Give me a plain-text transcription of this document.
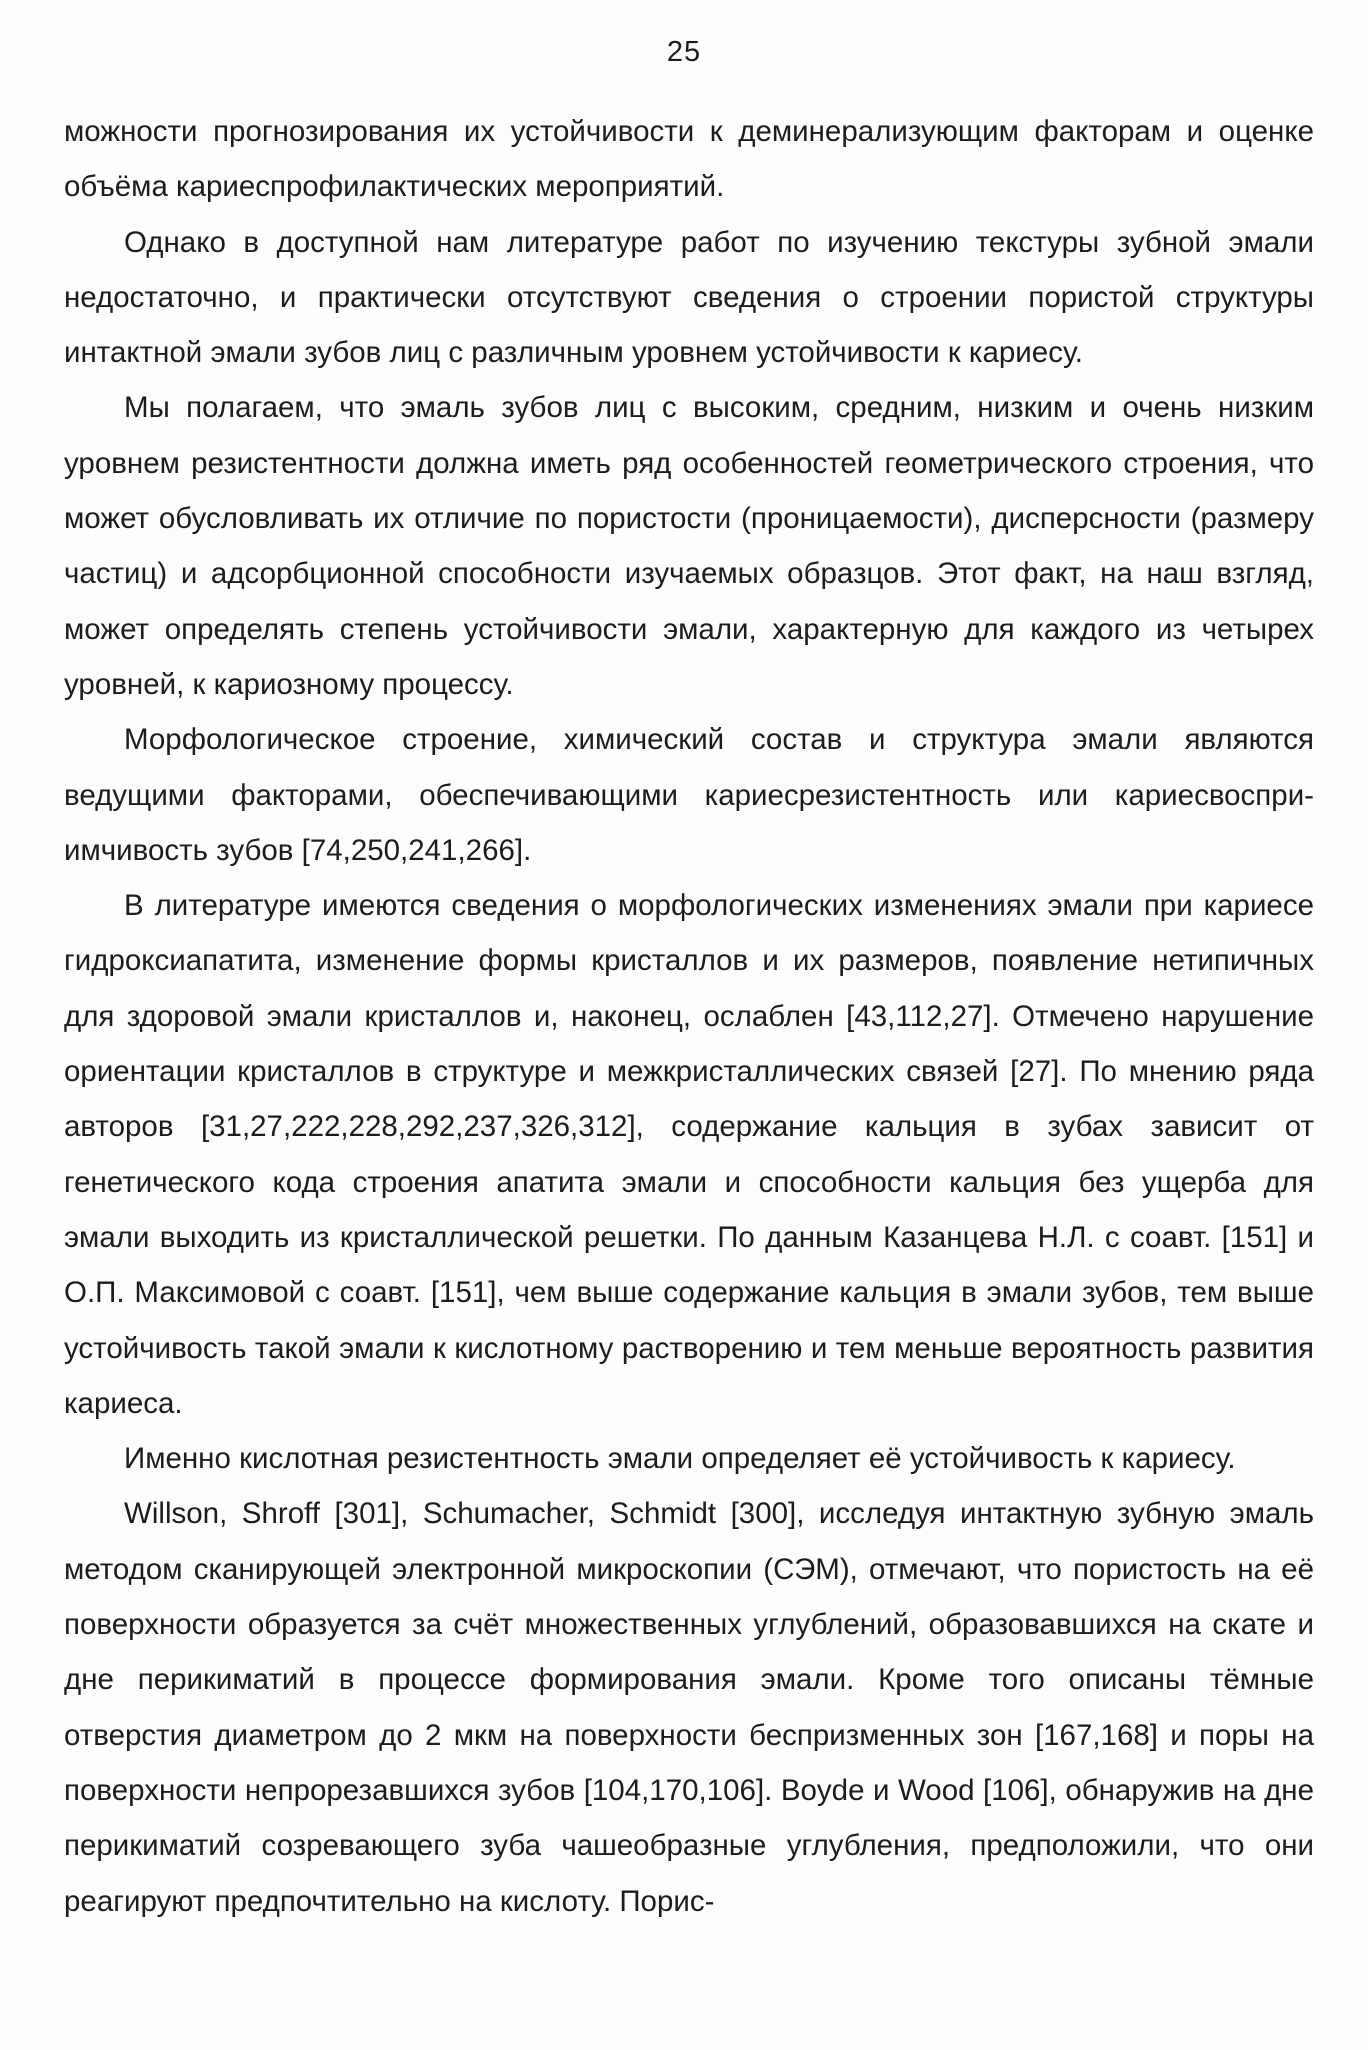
25

можности прогнозирования их устойчивости к деминерализующим факторам и оценке объёма кариеспрофилактических мероприятий.

Однако в доступной нам литературе работ по изучению текстуры зубной эмали недостаточно, и практически отсутствуют сведения о строении пористой структуры интактной эмали зубов лиц с различным уровнем устойчивости к кариесу.

Мы полагаем, что эмаль зубов лиц с высоким, средним, низким и очень низким уровнем резистентности должна иметь ряд особенностей геометрического строения, что может обусловливать их отличие по пористости (проницаемости), дисперсности (размеру частиц) и адсорбционной способности изучаемых образцов. Этот факт, на наш взгляд, может определять степень устойчивости эмали, характерную для каждого из четырех уровней, к кариозному процессу.

Морфологическое строение, химический состав и структура эмали являются ведущими факторами, обеспечивающими кариесрезистентность или кариесвосприимчивость зубов [74,250,241,266].

В литературе имеются сведения о морфологических изменениях эмали при кариесе гидроксиапатита, изменение формы кристаллов и их размеров, появление нетипичных для здоровой эмали кристаллов и, наконец, ослаблен [43,112,27]. Отмечено нарушение ориентации кристаллов в структуре и межкристаллических связей [27]. По мнению ряда авторов [31,27,222,228,292,237,326,312], содержание кальция в зубах зависит от генетического кода строения апатита эмали и способности кальция без ущерба для эмали выходить из кристаллической решетки. По данным Казанцева Н.Л. с соавт. [151] и О.П. Максимовой с соавт. [151], чем выше содержание кальция в эмали зубов, тем выше устойчивость такой эмали к кислотному растворению и тем меньше вероятность развития кариеса.

Именно кислотная резистентность эмали определяет её устойчивость к кариесу.

Willson, Shroff [301], Schumacher, Schmidt [300], исследуя интактную зубную эмаль методом сканирующей электронной микроскопии (СЭМ), отмечают, что пористость на её поверхности образуется за счёт множественных углублений, образовавшихся на скате и дне перикиматий в процессе формирования эмали. Кроме того описаны тёмные отверстия диаметром до 2 мкм на поверхности беспризменных зон [167,168] и поры на поверхности непрорезавшихся зубов [104,170,106]. Boyde и Wood [106], обнаружив на дне перикиматий созревающего зуба чашеобразные углубления, предположили, что они реагируют предпочтительно на кислоту. Порис-
